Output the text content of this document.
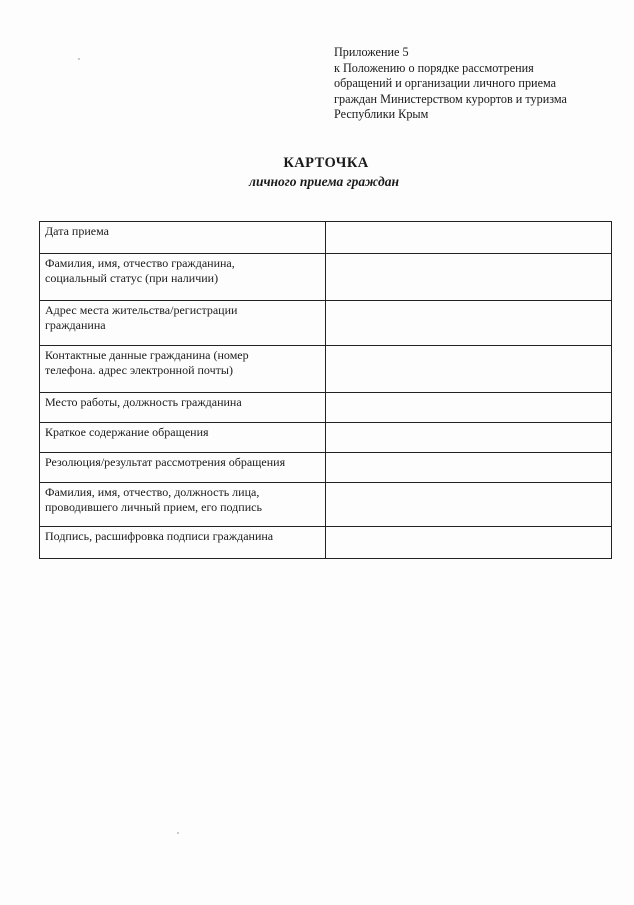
Приложение 5
к Положению о порядке рассмотрения
обращений и организации личного приема
граждан Министерством курортов и туризма
Республики Крым
КАРТОЧКА
личного приема граждан
Дата приема	

Фамилия, имя, отчество гражданина,
социальный статус (при наличии)	

Адрес места жительства/регистрации
гражданина	

Контактные данные гражданина (номер
телефона. адрес электронной почты)	

Место работы, должность гражданина	

Краткое содержание обращения	

Резолюция/результат рассмотрения обращения	

Фамилия, имя, отчество, должность лица,
проводившего личный прием, его подпись	

Подпись, расшифровка подписи гражданина	
